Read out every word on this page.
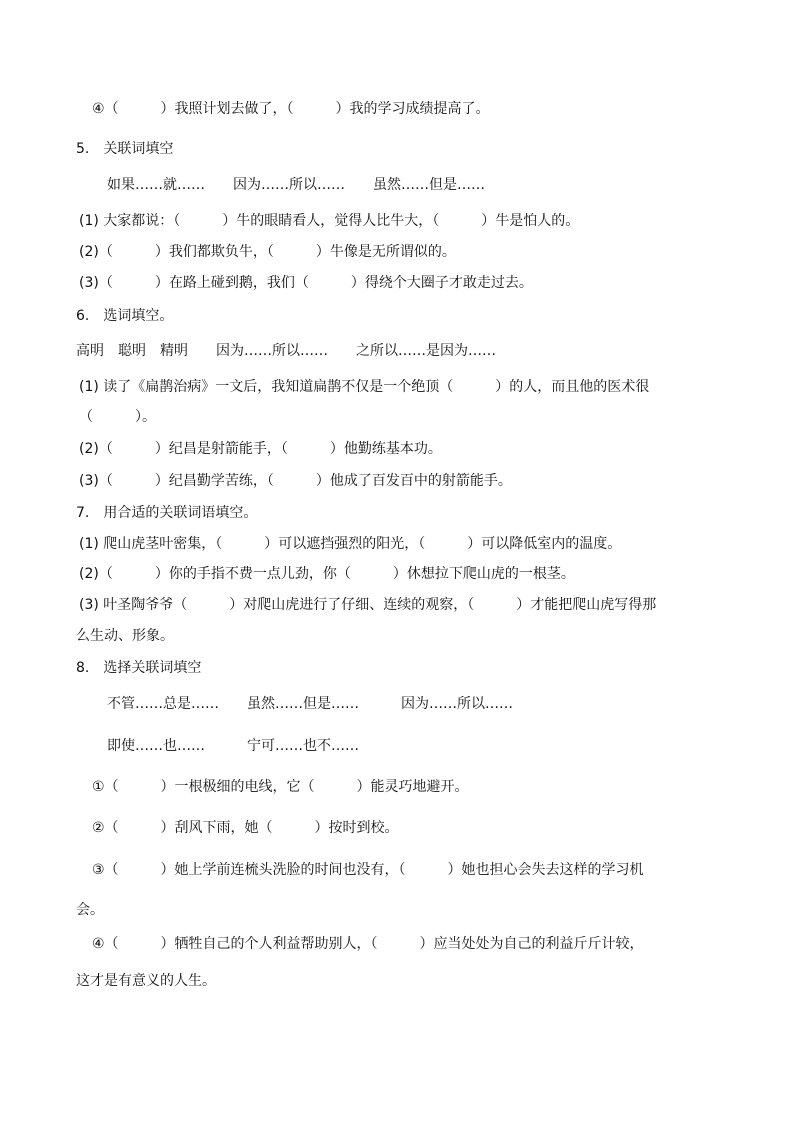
④（　　　）我照计划去做了，（　　　）我的学习成绩提高了。
5.　关联词填空
如果……就……　　因为……所以……　　虽然……但是……
(1) 大家都说：（　　　）牛的眼睛看人，觉得人比牛大，（　　　）牛是怕人的。
(2)（　　　）我们都欺负牛，（　　　）牛像是无所谓似的。
(3)（　　　）在路上碰到鹅，我们（　　　）得绕个大圈子才敢走过去。
6.　选词填空。
高明　聪明　精明　　因为……所以……　　之所以……是因为……
(1) 读了《扁鹊治病》一文后，我知道扁鹊不仅是一个绝顶（　　　）的人，而且他的医术很
（　　　）。
(2)（　　　）纪昌是射箭能手，（　　　）他勤练基本功。
(3)（　　　）纪昌勤学苦练，（　　　）他成了百发百中的射箭能手。
7.　用合适的关联词语填空。
(1) 爬山虎茎叶密集，（　　　）可以遮挡强烈的阳光，（　　　）可以降低室内的温度。
(2)（　　　）你的手指不费一点儿劲，你（　　　）休想拉下爬山虎的一根茎。
(3) 叶圣陶爷爷（　　　）对爬山虎进行了仔细、连续的观察，（　　　）才能把爬山虎写得那
么生动、形象。
8.　选择关联词填空
不管……总是……　　虽然……但是……　　　因为……所以……
即使……也……　　　宁可……也不……
①（　　　）一根极细的电线，它（　　　）能灵巧地避开。
②（　　　）刮风下雨，她（　　　）按时到校。
③（　　　）她上学前连梳头洗脸的时间也没有，（　　　）她也担心会失去这样的学习机
会。
④（　　　）牺牲自己的个人利益帮助别人，（　　　）应当处处为自己的利益斤斤计较，
这才是有意义的人生。
